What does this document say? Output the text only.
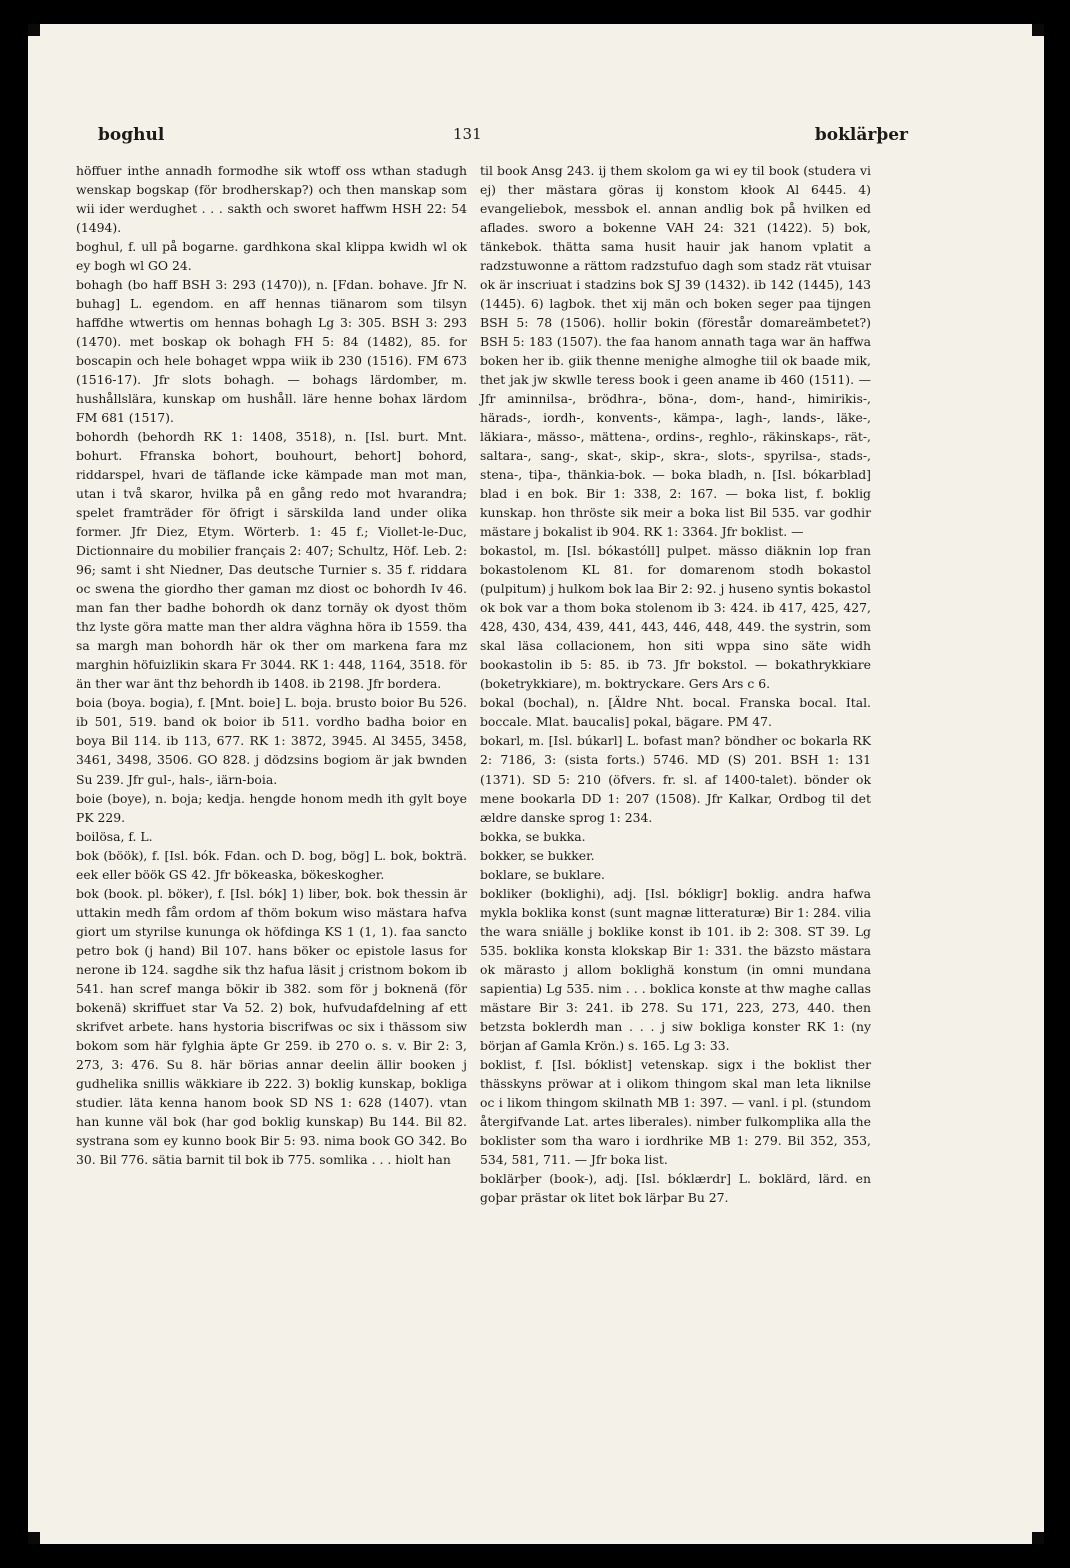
boghul	131	boklärþer

höffuer inthe annadh formodhe sik wtoff oss wthan stadugh wenskap bogskap (för brodherskap?) och then manskap som wii ider werdughet . . . sakth och sworet haffwm HSH 22: 54 (1494).

boghul, f. ull på bogarne. gardhkona skal klippa kwidh wl ok ey bogh wl GO 24.

bohagh (bo haff BSH 3: 293 (1470)), n. [Fdan. bohave. Jfr N. buhag] L. egendom. en aff hennas tiänarom som tilsyn haffdhe wtwertis om hennas bohagh Lg 3: 305. BSH 3: 293 (1470). met boskap ok bohagh FH 5: 84 (1482), 85. for boscapin och hele bohaget wppa wiik ib 230 (1516). FM 673 (1516-17). Jfr slots bohagh. — bohags lärdomber, m. hushållslära, kunskap om hushåll. läre henne bohax lärdom FM 681 (1517).

bohordh (behordh RK 1: 1408, 3518), n. [Isl. burt. Mnt. bohurt. Ffranska bohort, bouhourt, behort] bohord, riddarspel, hvari de täflande icke kämpade man mot man, utan i två skaror, hvilka på en gång redo mot hvarandra; spelet framträder för öfrigt i särskilda land under olika former. Jfr Diez, Etym. Wörterb. 1: 45 f.; Viollet-le-Duc, Dictionnaire du mobilier français 2: 407; Schultz, Höf. Leb. 2: 96; samt i sht Niedner, Das deutsche Turnier s. 35 f. riddara oc swena the giordho ther gaman mz diost oc bohordh Iv 46. man fan ther badhe bohordh ok danz tornäy ok dyost thöm thz lyste göra matte man ther aldra väghna höra ib 1559. tha sa margh man bohordh här ok ther om markena fara mz marghin höfuizlikin skara Fr 3044. RK 1: 448, 1164, 3518. för än ther war änt thz behordh ib 1408. ib 2198. Jfr bordera.

boia (boya. bogia), f. [Mnt. boie] L. boja. brusto boior Bu 526. ib 501, 519. band ok boior ib 511. vordho badha boior en boya Bil 114. ib 113, 677. RK 1: 3872, 3945. Al 3455, 3458, 3461, 3498, 3506. GO 828. j dödzsins bogiom är jak bwnden Su 239. Jfr gul-, hals-, iärn-boia.

boie (boye), n. boja; kedja. hengde honom medh ith gylt boye PK 229.

boilösa, f. L.

bok (böök), f. [Isl. bók. Fdan. och D. bog, bög] L. bok, bokträ. eek eller böök GS 42. Jfr bökeaska, bökeskogher.

bok (book. pl. böker), f. [Isl. bók] 1) liber, bok. bok thessin är uttakin medh fåm ordom af thöm bokum wiso mästara hafva giort um styrilse kununga ok höfdinga KS 1 (1, 1). faa sancto petro bok (j hand) Bil 107. hans böker oc epistole lasus for nerone ib 124. sagdhe sik thz hafua läsit j cristnom bokom ib 541. han scref manga bökir ib 382. som för j boknenä (för bokenä) skriffuet star Va 52. 2) bok, hufvudafdelning af ett skrifvet arbete. hans hystoria biscrifwas oc six i thässom siw bokom som här fylghia äpte Gr 259. ib 270 o. s. v. Bir 2: 3, 273, 3: 476. Su 8. här börias annar deelin ällir booken j gudhelika snillis wäkkiare ib 222. 3) boklig kunskap, bokliga studier. läta kenna hanom book SD NS 1: 628 (1407). vtan han kunne väl bok (har god boklig kunskap) Bu 144. Bil 82. systrana som ey kunno book Bir 5: 93. nima book GO 342. Bo 30. Bil 776. sätia barnit til bok ib 775. somlika . . . hiolt han

til book Ansg 243. ij them skolom ga wi ey til book (studera vi ej) ther mästara göras ij konstom kłook Al 6445. 4) evangeliebok, messbok el. annan andlig bok på hvilken ed aflades. sworo a bokenne VAH 24: 321 (1422). 5) bok, tänkebok. thätta sama husit hauir jak hanom vplatit a radzstuwonne a rättom radzstufuo dagh som stadz rät vtuisar ok är inscriuat i stadzins bok SJ 39 (1432). ib 142 (1445), 143 (1445). 6) lagbok. thet xij män och boken seger paa tijngen BSH 5: 78 (1506). hollir bokin (förestår domareämbetet?) BSH 5: 183 (1507). the faa hanom annath taga war än haffwa boken her ib. giik thenne menighe almoghe tiil ok baade mik, thet jak jw skwlle teress book i geen aname ib 460 (1511). — Jfr aminnilsa-, brödhra-, böna-, dom-, hand-, himirikis-, härads-, iordh-, konvents-, kämpa-, lagh-, lands-, läke-, läkiara-, mässo-, mättena-, ordins-, reghlo-, räkinskaps-, rät-, saltara-, sang-, skat-, skip-, skra-, slots-, spyrilsa-, stads-, stena-, tiþa-, thänkia-bok. — boka bladh, n. [Isl. bókarblad] blad i en bok. Bir 1: 338, 2: 167. — boka list, f. boklig kunskap. hon thröste sik meir a boka list Bil 535. var godhir mästare j bokalist ib 904. RK 1: 3364. Jfr boklist. —

bokastol, m. [Isl. bókastóll] pulpet. mässo diäknin lop fran bokastolenom KL 81. for domarenom stodh bokastol (pulpitum) j hulkom bok laa Bir 2: 92. j huseno syntis bokastol ok bok var a thom boka stolenom ib 3: 424. ib 417, 425, 427, 428, 430, 434, 439, 441, 443, 446, 448, 449. the systrin, som skal läsa collacionem, hon siti wppa sino säte widh bookastolin ib 5: 85. ib 73. Jfr bokstol. — bokathrykkiare (boketrykkiare), m. boktryckare. Gers Ars c 6.

bokal (bochal), n. [Äldre Nht. bocal. Franska bocal. Ital. boccale. Mlat. baucalis] pokal, bägare. PM 47.

bokarl, m. [Isl. búkarl] L. bofast man? böndher oc bokarla RK 2: 7186, 3: (sista forts.) 5746. MD (S) 201. BSH 1: 131 (1371). SD 5: 210 (öfvers. fr. sl. af 1400-talet). bönder ok mene bookarla DD 1: 207 (1508). Jfr Kalkar, Ordbog til det ældre danske sprog 1: 234.

bokka, se bukka.

bokker, se bukker.

boklare, se buklare.

bokliker (boklighi), adj. [Isl. bókligr] boklig. andra hafwa mykla boklika konst (sunt magnæ litteraturæ) Bir 1: 284. vilia the wara sniälle j boklike konst ib 101. ib 2: 308. ST 39. Lg 535. boklika konsta klokskap Bir 1: 331. the bäzsto mästara ok märasto j allom boklighä konstum (in omni mundana sapientia) Lg 535. nim . . . boklica konste at thw maghe callas mästare Bir 3: 241. ib 278. Su 171, 223, 273, 440. then betzsta boklerdh man . . . j siw bokliga konster RK 1: (ny början af Gamla Krön.) s. 165. Lg 3: 33.

boklist, f. [Isl. bóklist] vetenskap. sigx i the boklist ther thässkyns pröwar at i olikom thingom skal man leta liknilse oc i likom thingom skilnath MB 1: 397. — vanl. i pl. (stundom återgifvande Lat. artes liberales). nimber fulkomplika alla the boklister som tha waro i iordhrike MB 1: 279. Bil 352, 353, 534, 581, 711. — Jfr boka list.

boklärþer (book-), adj. [Isl. bóklærdr] L. boklärd, lärd. en goþar prästar ok litet bok lärþar Bu 27.
